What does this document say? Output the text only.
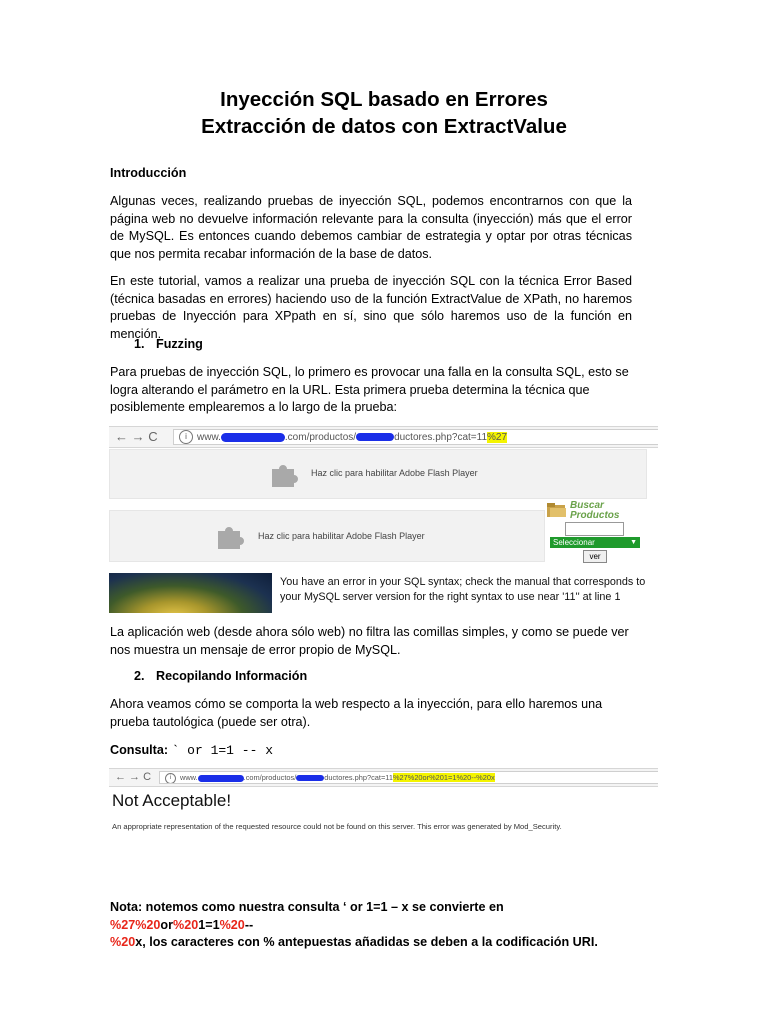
Inyección SQL basado en Errores
Extracción de datos con ExtractValue
Introducción
Algunas veces, realizando pruebas de inyección SQL, podemos encontrarnos con que la página web no devuelve información relevante para la consulta (inyección) más que el error de MySQL. Es entonces cuando debemos cambiar de estrategia y optar por otras técnicas que nos permita recabar información de la base de datos.
En este tutorial, vamos a realizar una prueba de inyección SQL con la técnica Error Based (técnica basadas en errores) haciendo uso de la función ExtractValue de XPath, no haremos pruebas de Inyección para XPpath en sí, sino que sólo haremos uso de la función en mención.
1. Fuzzing
Para pruebas de inyección SQL, lo primero es provocar una falla en la consulta SQL, esto se logra alterando el parámetro en la URL. Esta primera prueba determina la técnica que posiblemente emplearemos a lo largo de la prueba:
← → C	i www.	.com/productos/	ductores.php?cat=11%27
Haz clic para habilitar Adobe Flash Player
Haz clic para habilitar Adobe Flash Player
Buscar
Productos
Seleccionar	▼
ver
You have an error in your SQL syntax; check the manual that corresponds to your MySQL server version for the right syntax to use near '11'' at line 1
La aplicación web (desde ahora sólo web) no filtra las comillas simples, y como se puede ver nos muestra un mensaje de error propio de MySQL.
2. Recopilando Información
Ahora veamos cómo se comporta la web respecto a la inyección, para ello haremos una prueba tautológica (puede ser otra).
Consulta: ` or 1=1 -- x
← → C	i www.	.com/productos/	ductores.php?cat=11%27%20or%201=1%20--%20x
Not Acceptable!
An appropriate representation of the requested resource could not be found on this server. This error was generated by Mod_Security.
Nota: notemos como nuestra consulta ‘ or 1=1 – x se convierte en %27%20or%201=1%20--
%20x, los caracteres con % antepuestas añadidas se deben a la codificación URI.
